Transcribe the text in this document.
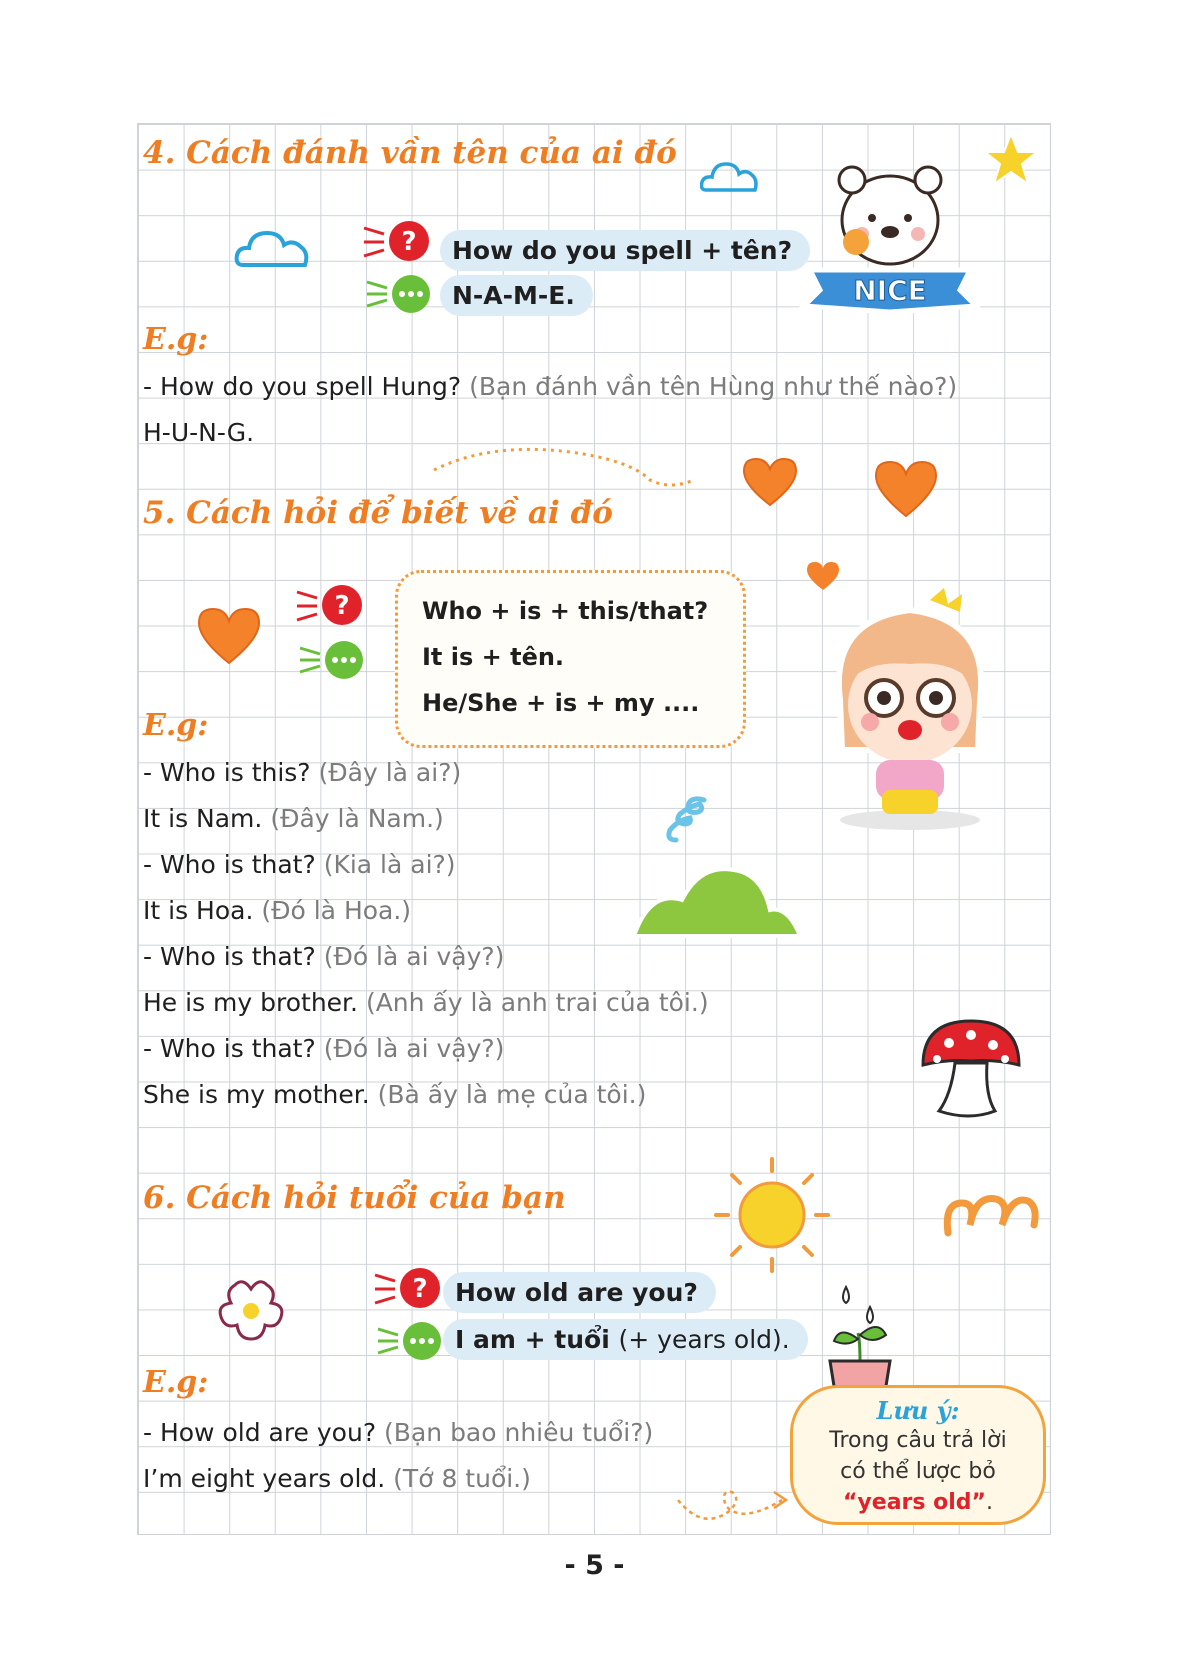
4. Cách đánh vần tên của ai đó
?	How do you spell + tên?
N-A-M-E.	NICE
E.g:
- How do you spell Hung? (Bạn đánh vần tên Hùng như thế nào?)
H-U-N-G.
5. Cách hỏi để biết về ai đó
?	Who + is + this/that?
It is + tên.
He/She + is + my ....
E.g:
- Who is this? (Đây là ai?)
It is Nam. (Đây là Nam.)
- Who is that? (Kia là ai?)
It is Hoa. (Đó là Hoa.)
- Who is that? (Đó là ai vậy?)
He is my brother. (Anh ấy là anh trai của tôi.)
- Who is that? (Đó là ai vậy?)
She is my mother. (Bà ấy là mẹ của tôi.)
6. Cách hỏi tuổi của bạn
?	How old are you?
I am + tuổi (+ years old).
E.g:
- How old are you? (Bạn bao nhiêu tuổi?)
I’m eight years old. (Tớ 8 tuổi.)
Lưu ý:
Trong câu trả lời
có thể lược bỏ
“years old”.
- 5 -
